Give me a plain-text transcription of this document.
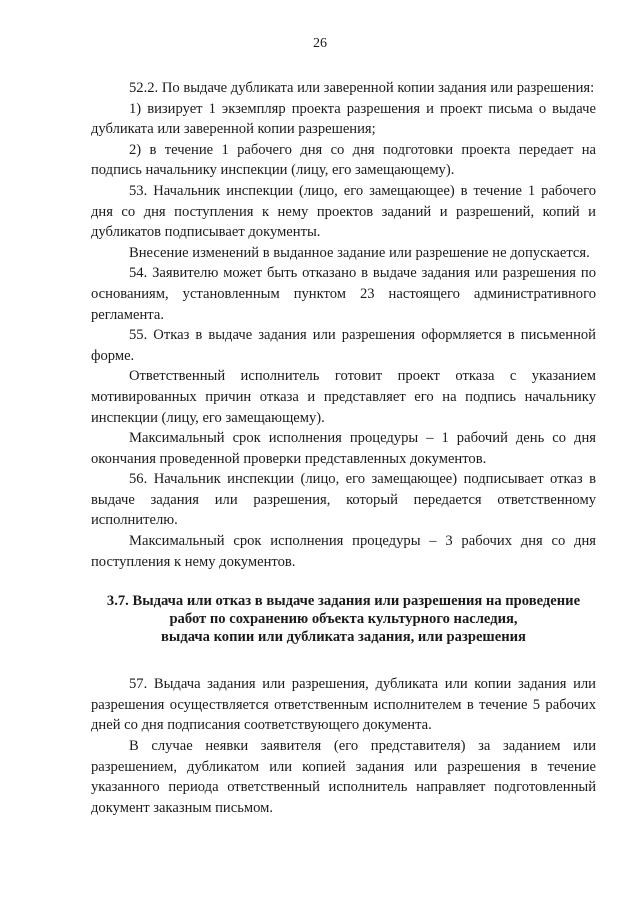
26

52.2. По выдаче дубликата или заверенной копии задания или разрешения:

1) визирует 1 экземпляр проекта разрешения и проект письма о выдаче дубликата или заверенной копии разрешения;

2) в течение 1 рабочего дня со дня подготовки проекта передает на подпись начальнику инспекции (лицу, его замещающему).

53. Начальник инспекции (лицо, его замещающее) в течение 1 рабочего дня со дня поступления к нему проектов заданий и разрешений, копий и дубликатов подписывает документы.

Внесение изменений в выданное задание или разрешение не допускается.

54. Заявителю может быть отказано в выдаче задания или разрешения по основаниям, установленным пунктом 23 настоящего административного регламента.

55. Отказ в выдаче задания или разрешения оформляется в письменной форме.

Ответственный исполнитель готовит проект отказа с указанием мотивированных причин отказа и представляет его на подпись начальнику инспекции (лицу, его замещающему).

Максимальный срок исполнения процедуры – 1 рабочий день со дня окончания проведенной проверки представленных документов.

56. Начальник инспекции (лицо, его замещающее) подписывает отказ в выдаче задания или разрешения, который передается ответственному исполнителю.

Максимальный срок исполнения процедуры – 3 рабочих дня со дня поступления к нему документов.

3.7. Выдача или отказ в выдаче задания или разрешения на проведение
работ по сохранению объекта культурного наследия,
выдача копии или дубликата задания, или разрешения

57. Выдача задания или разрешения, дубликата или копии задания или разрешения осуществляется ответственным исполнителем в течение 5 рабочих дней со дня подписания соответствующего документа.

В случае неявки заявителя (его представителя) за заданием или разрешением, дубликатом или копией задания или разрешения в течение указанного периода ответственный исполнитель направляет подготовленный документ заказным письмом.
